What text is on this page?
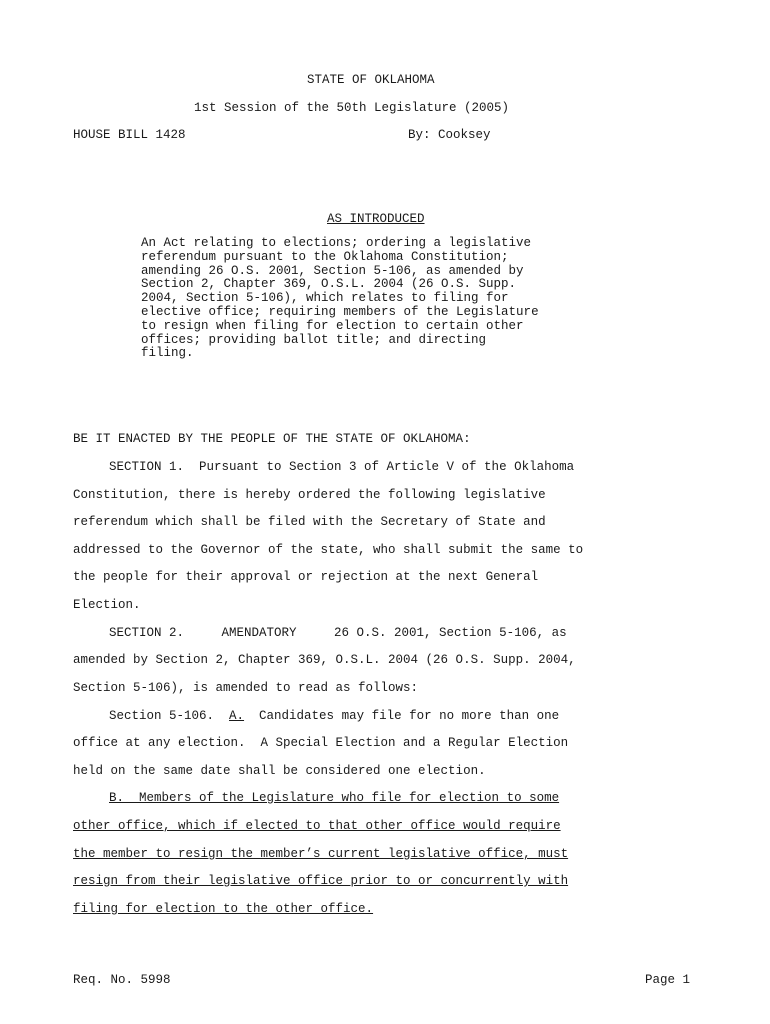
STATE OF OKLAHOMA
1st Session of the 50th Legislature (2005)
HOUSE BILL 1428	By: Cooksey
AS INTRODUCED
An Act relating to elections; ordering a legislative
referendum pursuant to the Oklahoma Constitution;
amending 26 O.S. 2001, Section 5-106, as amended by
Section 2, Chapter 369, O.S.L. 2004 (26 O.S. Supp.
2004, Section 5-106), which relates to filing for
elective office; requiring members of the Legislature
to resign when filing for election to certain other
offices; providing ballot title; and directing
filing.
BE IT ENACTED BY THE PEOPLE OF THE STATE OF OKLAHOMA:
SECTION 1.  Pursuant to Section 3 of Article V of the Oklahoma
Constitution, there is hereby ordered the following legislative
referendum which shall be filed with the Secretary of State and
addressed to the Governor of the state, who shall submit the same to
the people for their approval or rejection at the next General
Election.
SECTION 2.     AMENDATORY     26 O.S. 2001, Section 5-106, as
amended by Section 2, Chapter 369, O.S.L. 2004 (26 O.S. Supp. 2004,
Section 5-106), is amended to read as follows:
Section 5-106.  A.  Candidates may file for no more than one
office at any election.  A Special Election and a Regular Election
held on the same date shall be considered one election.
B.  Members of the Legislature who file for election to some
other office, which if elected to that other office would require
the member to resign the member’s current legislative office, must
resign from their legislative office prior to or concurrently with
filing for election to the other office.
Req. No. 5998	Page 1
